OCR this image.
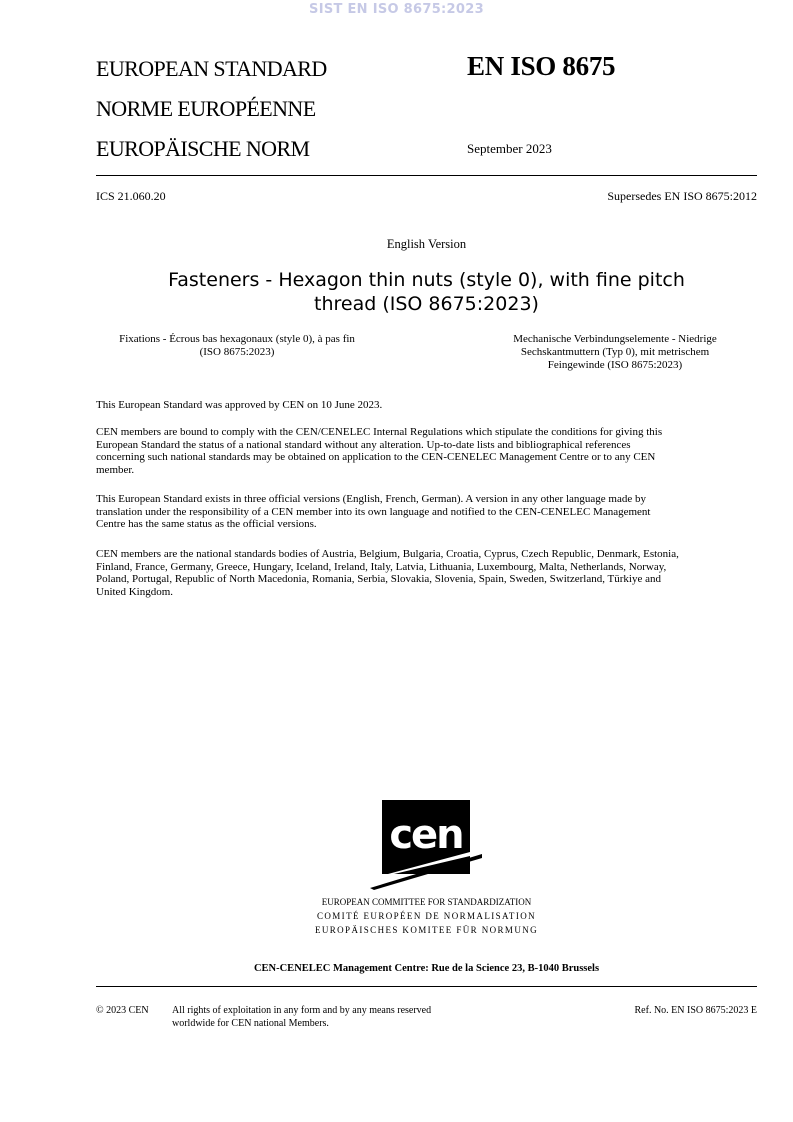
SIST EN ISO 8675:2023
EUROPEAN STANDARD
NORME EUROPÉENNE
EUROPÄISCHE NORM
EN ISO 8675
September 2023
ICS 21.060.20	Supersedes EN ISO 8675:2012
English Version
Fasteners - Hexagon thin nuts (style 0), with fine pitch
thread (ISO 8675:2023)
Fixations - Écrous bas hexagonaux (style 0), à pas fin
(ISO 8675:2023)
Mechanische Verbindungselemente - Niedrige
Sechskantmuttern (Typ 0), mit metrischem
Feingewinde (ISO 8675:2023)
This European Standard was approved by CEN on 10 June 2023.
CEN members are bound to comply with the CEN/CENELEC Internal Regulations which stipulate the conditions for giving this
European Standard the status of a national standard without any alteration. Up-to-date lists and bibliographical references
concerning such national standards may be obtained on application to the CEN-CENELEC Management Centre or to any CEN
member.
This European Standard exists in three official versions (English, French, German). A version in any other language made by
translation under the responsibility of a CEN member into its own language and notified to the CEN-CENELEC Management
Centre has the same status as the official versions.
CEN members are the national standards bodies of Austria, Belgium, Bulgaria, Croatia, Cyprus, Czech Republic, Denmark, Estonia,
Finland, France, Germany, Greece, Hungary, Iceland, Ireland, Italy, Latvia, Lithuania, Luxembourg, Malta, Netherlands, Norway,
Poland, Portugal, Republic of North Macedonia, Romania, Serbia, Slovakia, Slovenia, Spain, Sweden, Switzerland, Türkiye and
United Kingdom.
cen
EUROPEAN COMMITTEE FOR STANDARDIZATION
COMITÉ EUROPÉEN DE NORMALISATION
EUROPÄISCHES KOMITEE FÜR NORMUNG
CEN-CENELEC Management Centre: Rue de la Science 23, B-1040 Brussels
© 2023 CEN All rights of exploitation in any form and by any means reserved
worldwide for CEN national Members.
Ref. No. EN ISO 8675:2023 E
